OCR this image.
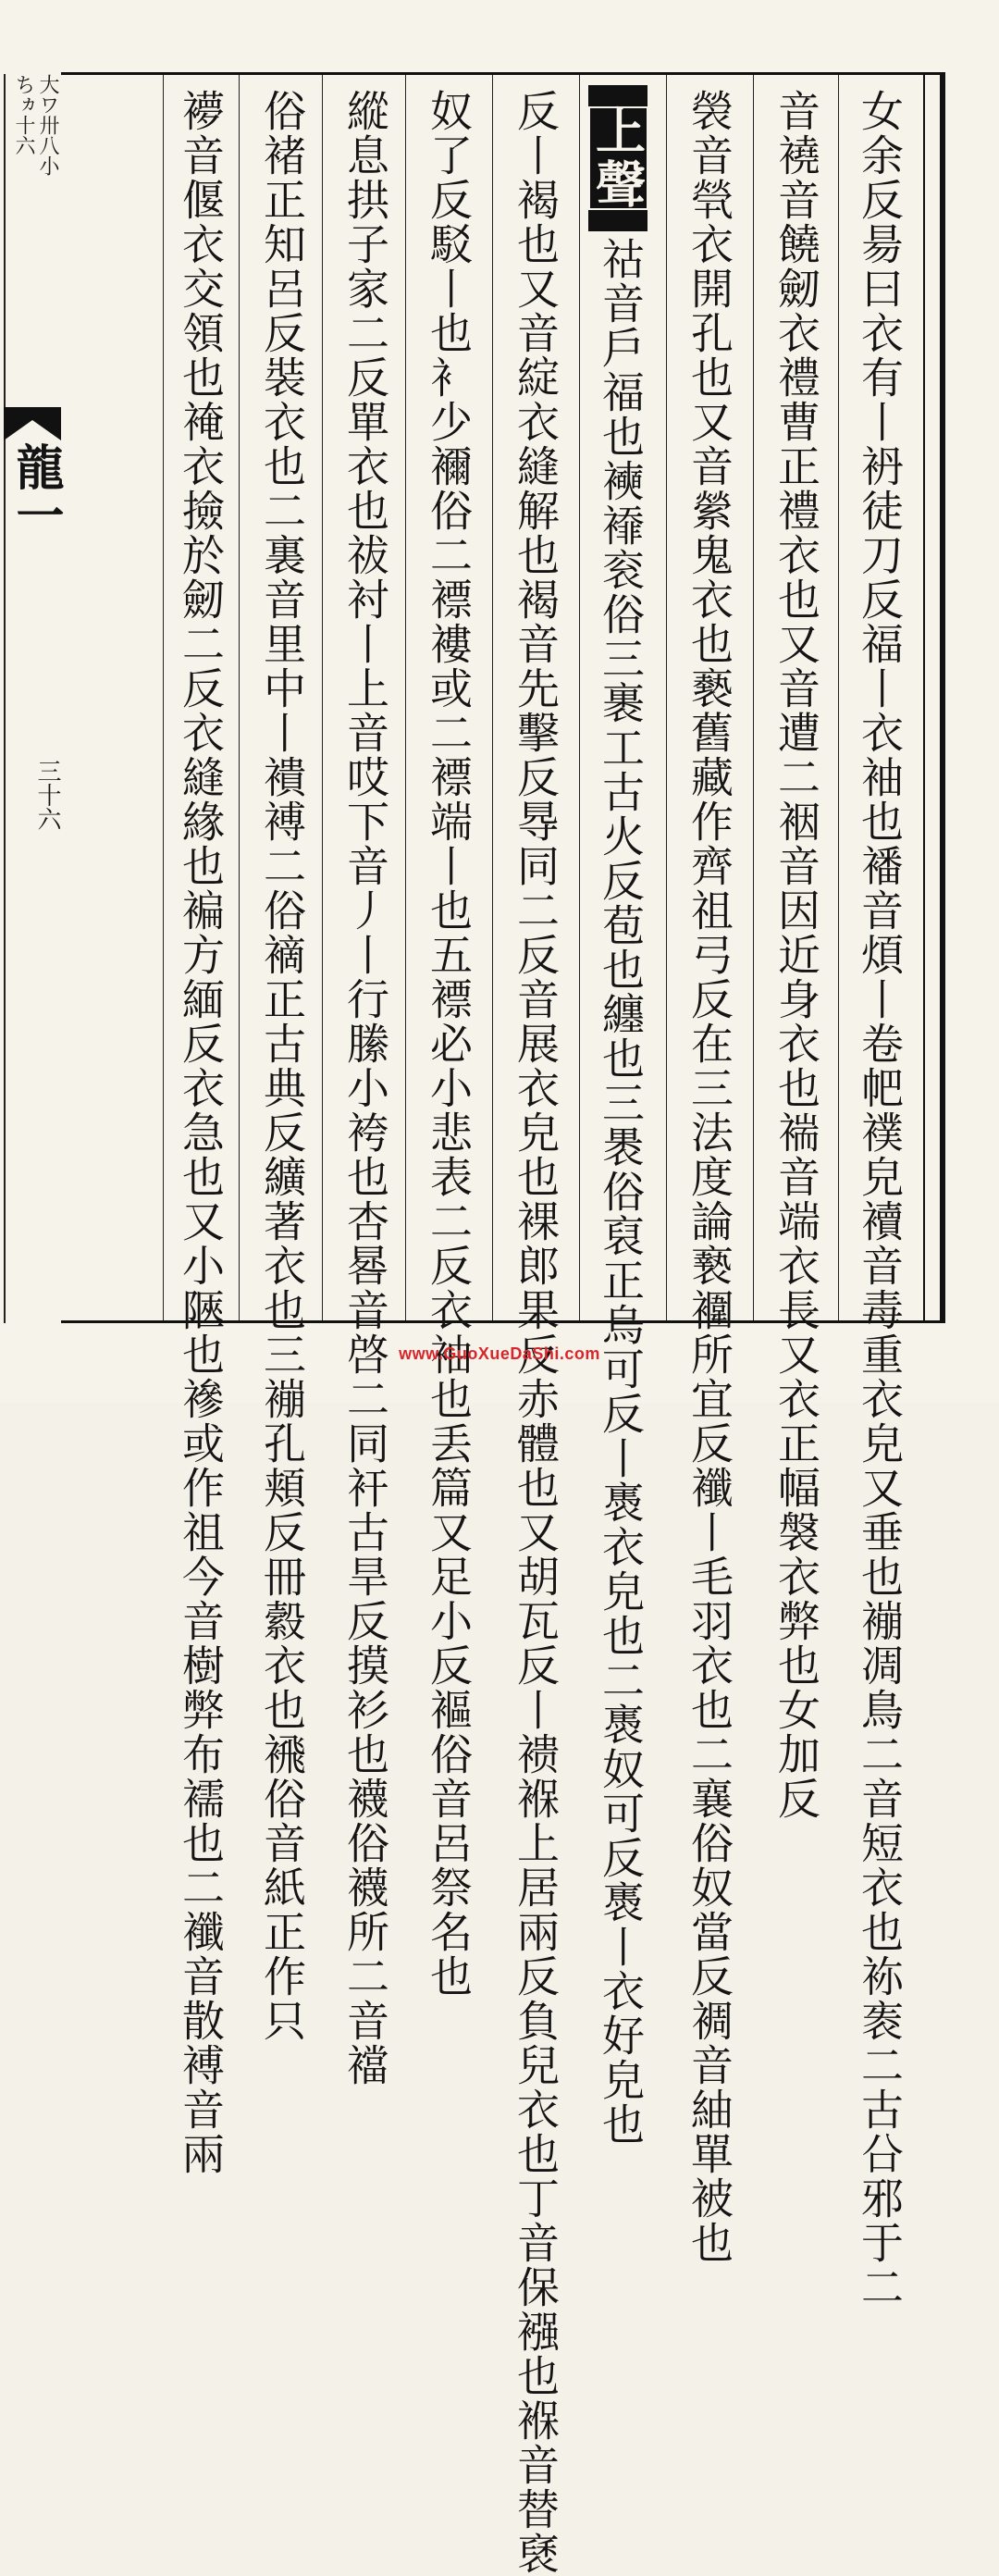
大ワ卅八小ちヵ十六
龍一
三十六	女余反昜曰衣有丨袇徒刀反福丨衣袖也襎音煩丨卷帊襆皃襩音毒重衣皃又垂也䙖凋鳥二音短衣也袮袠二古㕣邪于二
音襓音饒劒衣禮曹正禮衣也又音遭二裀音因近身衣也褍音端衣長又衣正幅褩衣弊也女加反
褮音煢衣開孔也又音縈鬼衣也褻舊藏作齊祖弓反在三法度論䙝䙟所宜反襳丨毛羽衣也二襄俗奴當反裯音紬單被也
上聲
祜音戶福也襫䙣衮俗三裹工古火反苞也纏也三褁俗裒正烏可反丨褭衣皃也二褭奴可反褭丨衣好皃也
反丨褐也又音綻衣縫解也褐音先擊反䙷同二反音展衣皃也裸郎果反赤體也又胡瓦反丨䙌褓上居兩反負兒衣也丁音保襁也褓音替褎
奴了反駁丨也衤少襧俗二褾褸或二褾端丨也五褾必小悲表二反衣袖也丢篇又足小反䙔俗音呂祭名也
縱息拱子家二反單衣也祓衬丨上音哎下音丿丨行縢小袴也杏晷音啓二同衦古旱反摸衫也襪俗襪所二音襠
俗褚正知呂反裝衣也二裏音里中丨䙡䙏二俗䙗正古典反纊著衣也三䙖孔頬反冊縠衣也䙍俗音紙正作只
䙦音偃衣交領也裺衣撿於劒二反衣縫緣也褊方緬反衣急也又小陿也襂或作祖今音樹弊布襦也二襳音散䙏音兩	www.GuoXueDaShi.com
